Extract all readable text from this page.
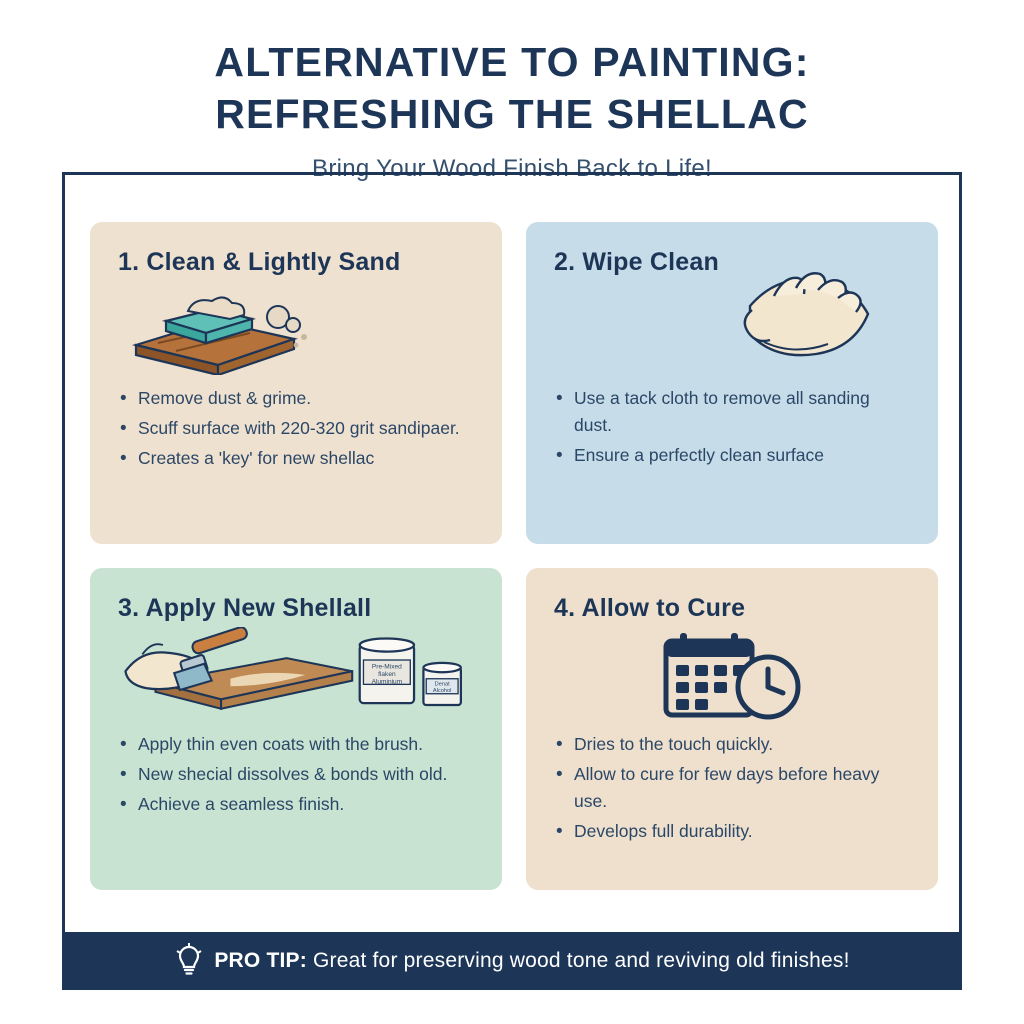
ALTERNATIVE TO PAINTING:
REFRESHING THE SHELLAC
Bring Your Wood Finish Back to Life!
1. Clean & Lightly Sand
• Remove dust & grime.
• Scuff surface with 220-320 grit sandipaer.
• Creates a 'key' for new shellac
2. Wipe Clean
• Use a tack cloth to remove all sanding dust.
• Ensure a perfectly clean surface
3. Apply New Shellall
Pre-Mixed
flaken
Aluminium	Denat
Alcohol
• Apply thin even coats with the brush.
• New shecial dissolves & bonds with old.
• Achieve a seamless finish.
4. Allow to Cure
• Dries to the touch quickly.
• Allow to cure for few days before heavy use.
• Develops full durability.
PRO TIP: Great for preserving wood tone and reviving old finishes!
